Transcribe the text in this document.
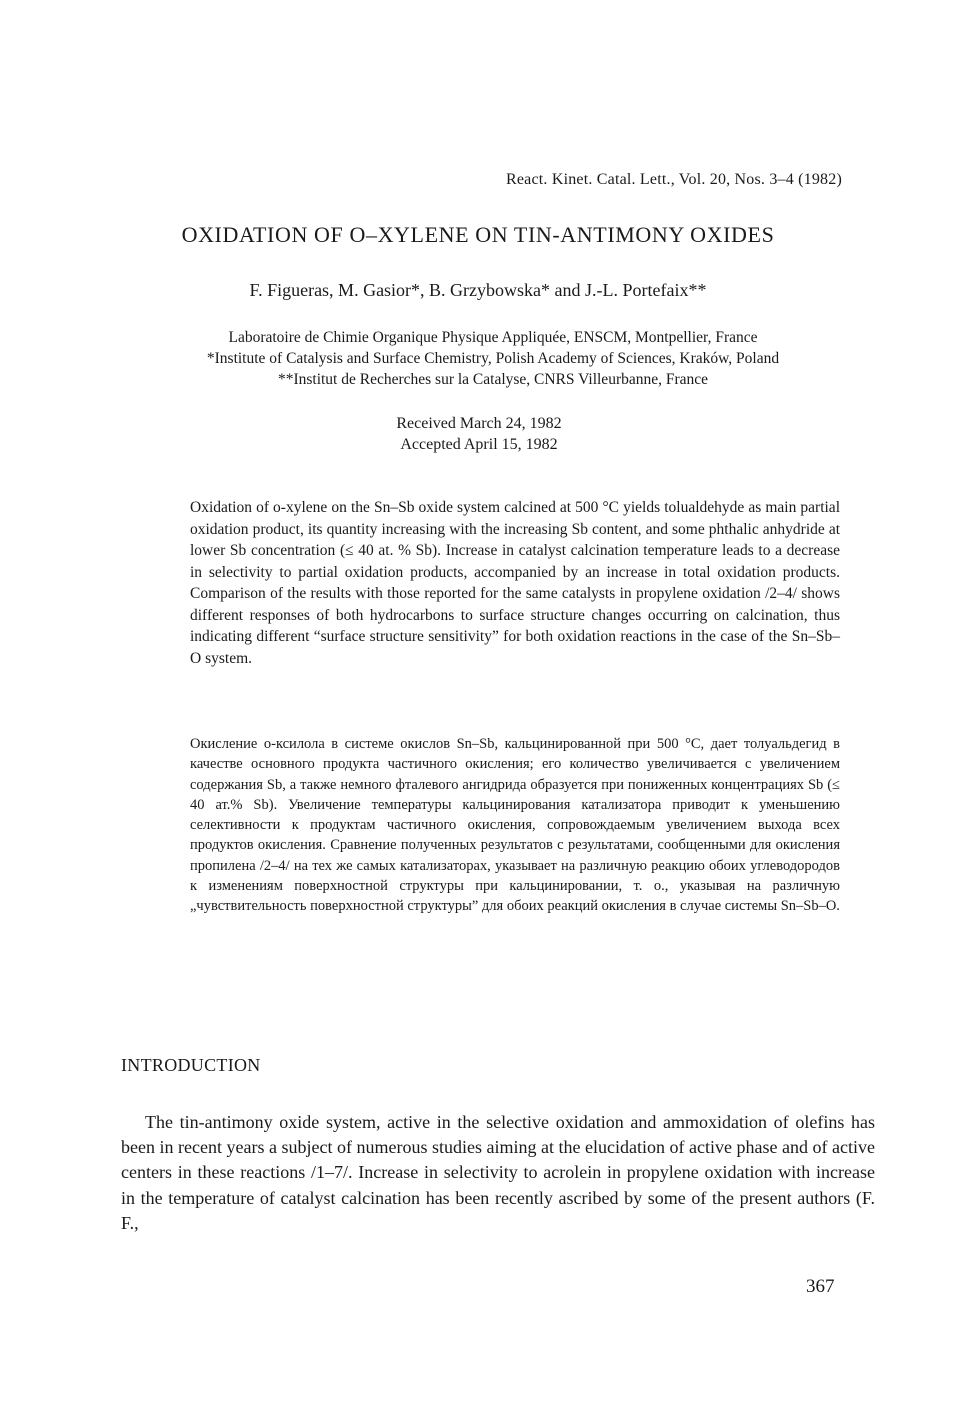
React. Kinet. Catal. Lett., Vol. 20, Nos. 3–4 (1982)
OXIDATION OF O–XYLENE ON TIN-ANTIMONY OXIDES
F. Figueras, M. Gasior*, B. Grzybowska* and J.-L. Portefaix**
Laboratoire de Chimie Organique Physique Appliquée, ENSCM, Montpellier, France
*Institute of Catalysis and Surface Chemistry, Polish Academy of Sciences, Kraków, Poland
**Institut de Recherches sur la Catalyse, CNRS Villeurbanne, France
Received March 24, 1982
Accepted April 15, 1982

Oxidation of o-xylene on the Sn–Sb oxide system calcined at 500 °C yields tolualdehyde as main partial oxidation product, its quantity increasing with the increasing Sb content, and some phthalic anhydride at lower Sb concentration (≤ 40 at. % Sb). Increase in catalyst calcination temperature leads to a decrease in selectivity to partial oxidation products, accompanied by an increase in total oxidation products. Comparison of the results with those reported for the same catalysts in propylene oxidation /2–4/ shows different responses of both hydrocarbons to surface structure changes occurring on calcination, thus indicating different “surface structure sensitivity” for both oxidation reactions in the case of the Sn–Sb–O system.

Окисление о-ксилола в системе окислов Sn–Sb, кальцинированной при 500 °C, дает толуальдегид в качестве основного продукта частичного окисления; его количество увеличивается с увеличением содержания Sb, а также немного фталевого ангидрида образуется при пониженных концентрациях Sb (≤ 40 ат.% Sb). Увеличение температуры кальцинирования катализатора приводит к уменьшению селективности к продуктам частичного окисления, сопровождаемым увеличением выхода всех продуктов окисления. Сравнение полученных результатов с результатами, сообщенными для окисления пропилена /2–4/ на тех же самых катализаторах, указывает на различную реакцию обоих углеводородов к изменениям поверхностной структуры при кальцинировании, т. о., указывая на различную „чувствительность поверхностной структуры” для обоих реакций окисления в случае системы Sn–Sb–O.

INTRODUCTION

The tin-antimony oxide system, active in the selective oxidation and ammoxidation of olefins has been in recent years a subject of numerous studies aiming at the elucidation of active phase and of active centers in these reactions /1–7/. Increase in selectivity to acrolein in propylene oxidation with increase in the temperature of catalyst calcination has been recently ascribed by some of the present authors (F. F.,

367
